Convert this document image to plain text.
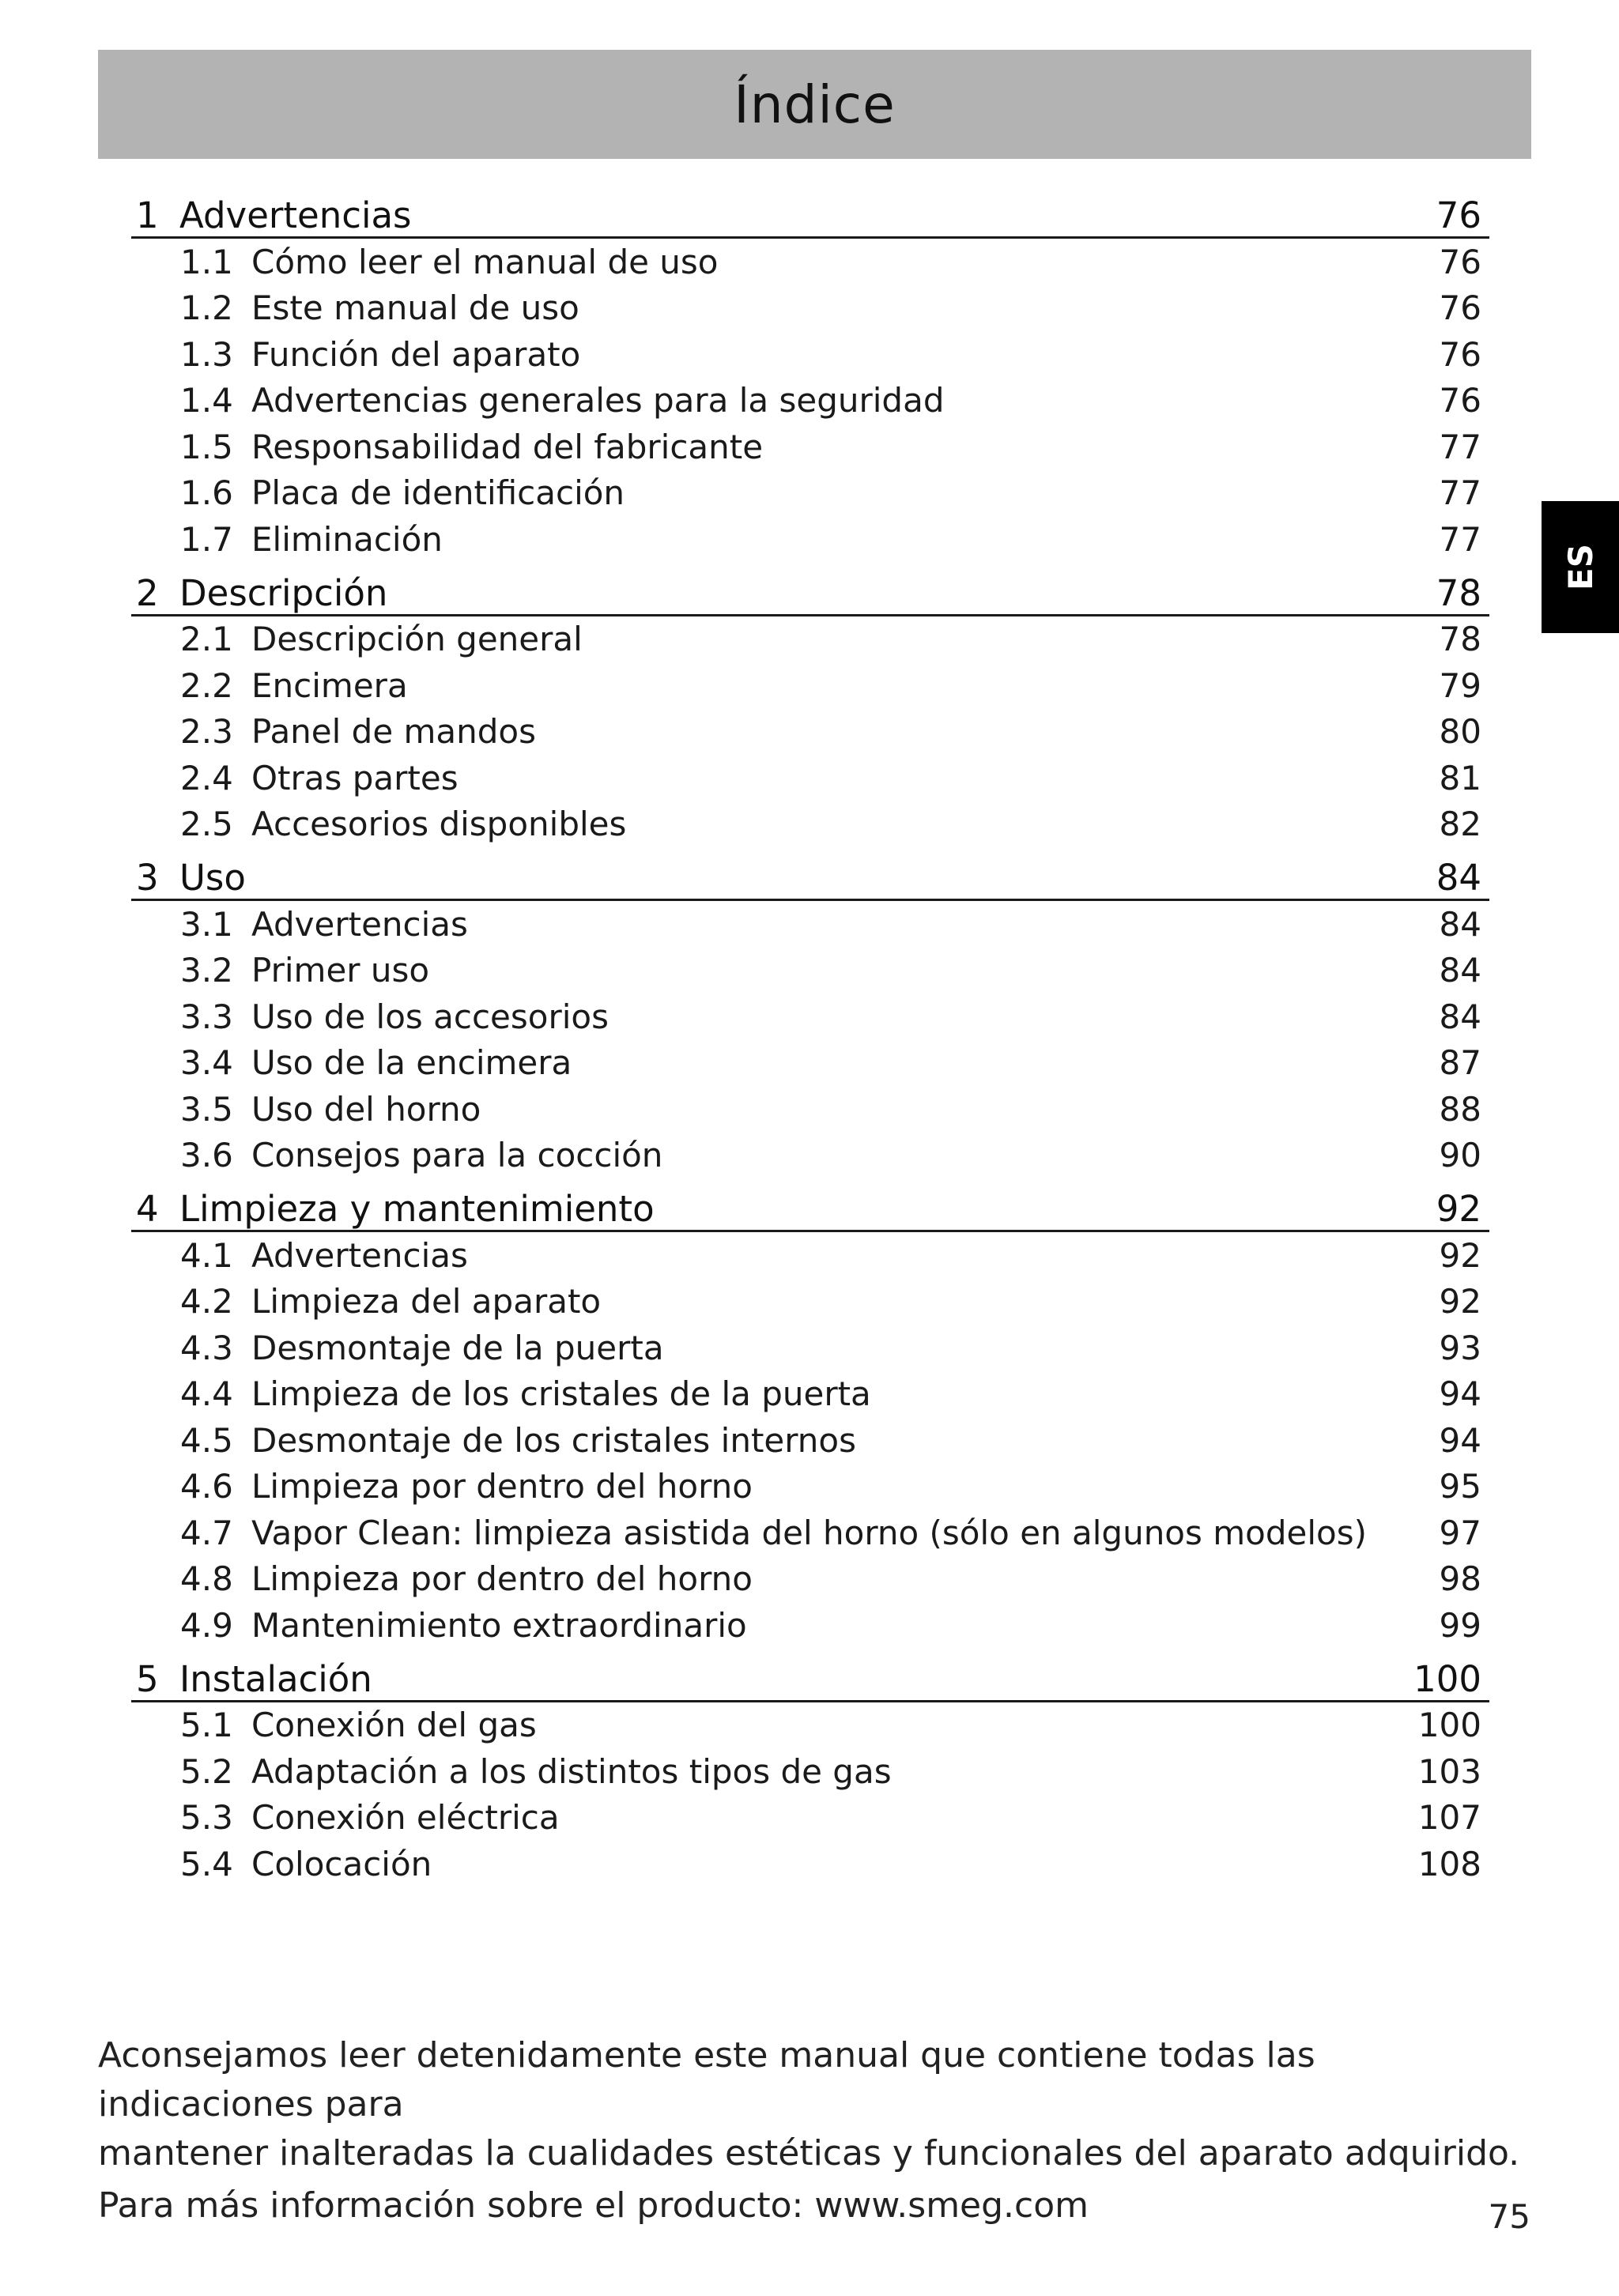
Índice
ES
1 Advertencias	76
1.1 Cómo leer el manual de uso	76
1.2 Este manual de uso	76
1.3 Función del aparato	76
1.4 Advertencias generales para la seguridad	76
1.5 Responsabilidad del fabricante	77
1.6 Placa de identificación	77
1.7 Eliminación	77
2 Descripción	78
2.1 Descripción general	78
2.2 Encimera	79
2.3 Panel de mandos	80
2.4 Otras partes	81
2.5 Accesorios disponibles	82
3 Uso	84
3.1 Advertencias	84
3.2 Primer uso	84
3.3 Uso de los accesorios	84
3.4 Uso de la encimera	87
3.5 Uso del horno	88
3.6 Consejos para la cocción	90
4 Limpieza y mantenimiento	92
4.1 Advertencias	92
4.2 Limpieza del aparato	92
4.3 Desmontaje de la puerta	93
4.4 Limpieza de los cristales de la puerta	94
4.5 Desmontaje de los cristales internos	94
4.6 Limpieza por dentro del horno	95
4.7 Vapor Clean: limpieza asistida del horno (sólo en algunos modelos) 97
4.8 Limpieza por dentro del horno	98
4.9 Mantenimiento extraordinario	99
5 Instalación	100
5.1 Conexión del gas	100
5.2 Adaptación a los distintos tipos de gas	103
5.3 Conexión eléctrica	107
5.4 Colocación	108

Aconsejamos leer detenidamente este manual que contiene todas las indicaciones para

mantener inalteradas la cualidades estéticas y funcionales del aparato adquirido.

Para más información sobre el producto: www.smeg.com	75
